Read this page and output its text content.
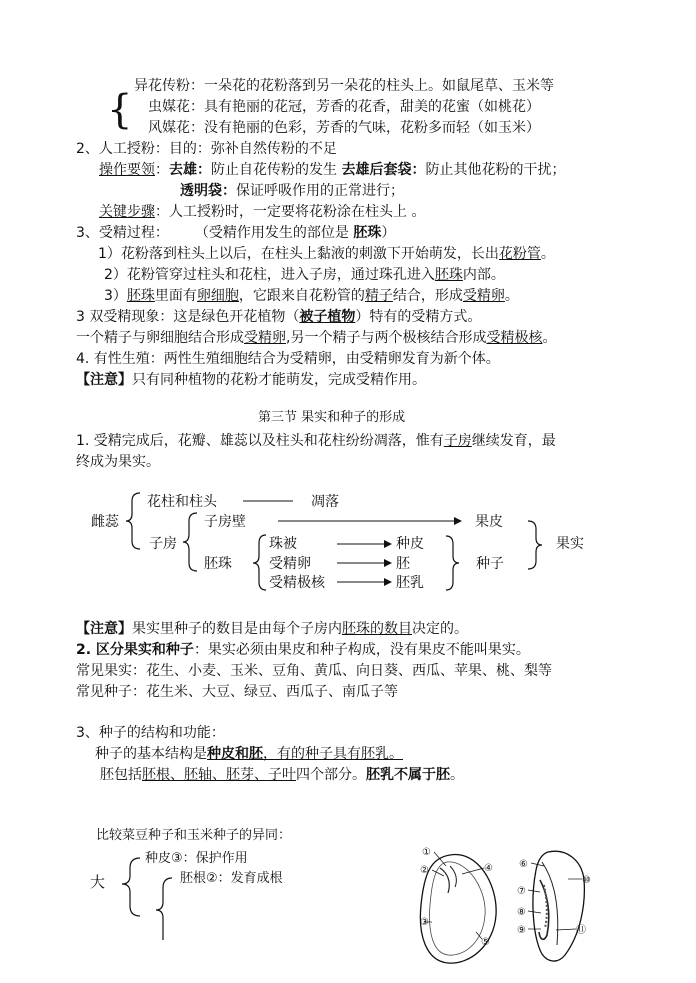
异花传粉：一朵花的花粉落到另一朵花的柱头上。如鼠尾草、玉米等
{ 虫媒花：具有艳丽的花冠，芳香的花香，甜美的花蜜（如桃花）
风媒花：没有艳丽的色彩，芳香的气味，花粉多而轻（如玉米）
2、人工授粉：目的：弥补自然传粉的不足
操作要领：去雄：防止自花传粉的发生 去雄后套袋：防止其他花粉的干扰；
透明袋：保证呼吸作用的正常进行；
关键步骤：人工授粉时，一定要将花粉涂在柱头上 。
3、受精过程： （受精作用发生的部位是 胚珠）
1）花粉落到柱头上以后，在柱头上黏液的刺激下开始萌发，长出花粉管。
2）花粉管穿过柱头和花柱，进入子房，通过珠孔进入胚珠内部。
3）胚珠里面有卵细胞，它跟来自花粉管的精子结合，形成受精卵。
3 双受精现象：这是绿色开花植物（被子植物）特有的受精方式。
一个精子与卵细胞结合形成受精卵,另一个精子与两个极核结合形成受精极核。
4. 有性生殖：两性生殖细胞结合为受精卵，由受精卵发育为新个体。
【注意】只有同种植物的花粉才能萌发，完成受精作用。
第三节 果实和种子的形成
1. 受精完成后，花瓣、雄蕊以及柱头和花柱纷纷凋落，惟有子房继续发育，最
终成为果实。
花柱和柱头	凋落
雌蕊	子房壁	果皮
子房	果实
珠被	种皮
胚珠	受精卵	胚	种子
受精极核	胚乳
【注意】果实里种子的数目是由每个子房内胚珠的数目决定的。
2. 区分果实和种子：果实必须由果皮和种子构成，没有果皮不能叫果实。
常见果实：花生、小麦、玉米、豆角、黄瓜、向日葵、西瓜、苹果、桃、梨等
常见种子：花生米、大豆、绿豆、西瓜子、南瓜子等
3、种子的结构和功能：
种子的基本结构是种皮和胚，有的种子具有胚乳。
胚包括胚根、胚轴、胚芽、子叶四个部分。胚乳不属于胚。
比较菜豆种子和玉米种子的异同：
大
种皮③：保护作用
胚根②：发育成根
①
②	④
③
⑤
⑥
⑦
⑧
⑨
⑩
⑪
